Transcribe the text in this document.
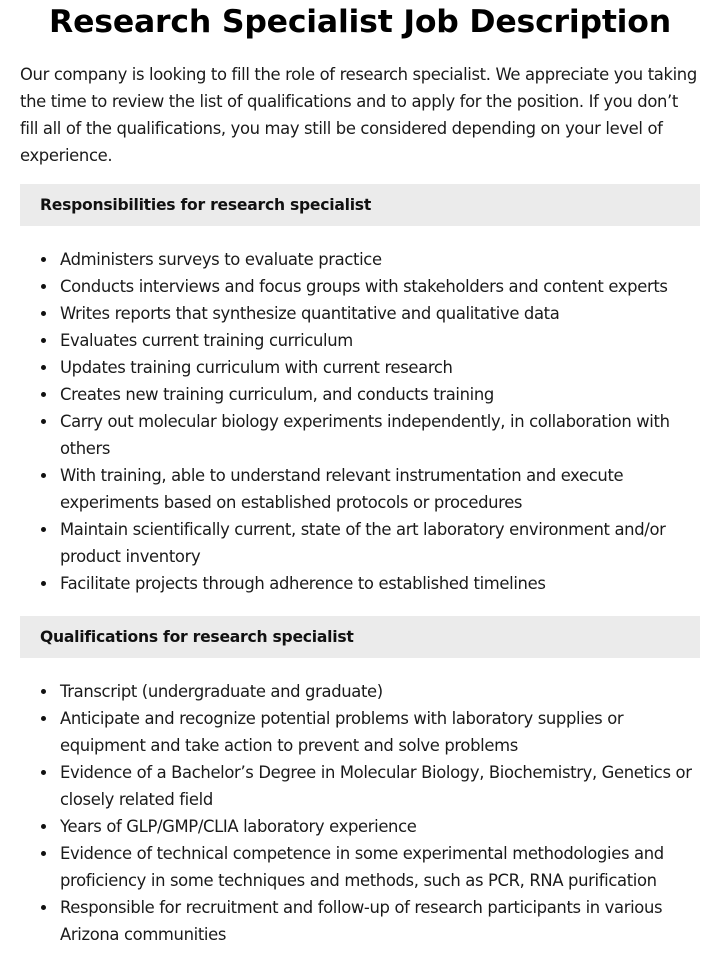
Research Specialist Job Description

Our company is looking to fill the role of research specialist. We appreciate you taking the time to review the list of qualifications and to apply for the position. If you don’t fill all of the qualifications, you may still be considered depending on your level of experience.

Responsibilities for research specialist
Administers surveys to evaluate practice
Conducts interviews and focus groups with stakeholders and content experts
Writes reports that synthesize quantitative and qualitative data
Evaluates current training curriculum
Updates training curriculum with current research
Creates new training curriculum, and conducts training
Carry out molecular biology experiments independently, in collaboration with others
With training, able to understand relevant instrumentation and execute experiments based on established protocols or procedures
Maintain scientifically current, state of the art laboratory environment and/or product inventory
Facilitate projects through adherence to established timelines
Qualifications for research specialist
Transcript (undergraduate and graduate)
Anticipate and recognize potential problems with laboratory supplies or equipment and take action to prevent and solve problems
Evidence of a Bachelor’s Degree in Molecular Biology, Biochemistry, Genetics or closely related field
Years of GLP/GMP/CLIA laboratory experience
Evidence of technical competence in some experimental methodologies and proficiency in some techniques and methods, such as PCR, RNA purification
Responsible for recruitment and follow-up of research participants in various Arizona communities
